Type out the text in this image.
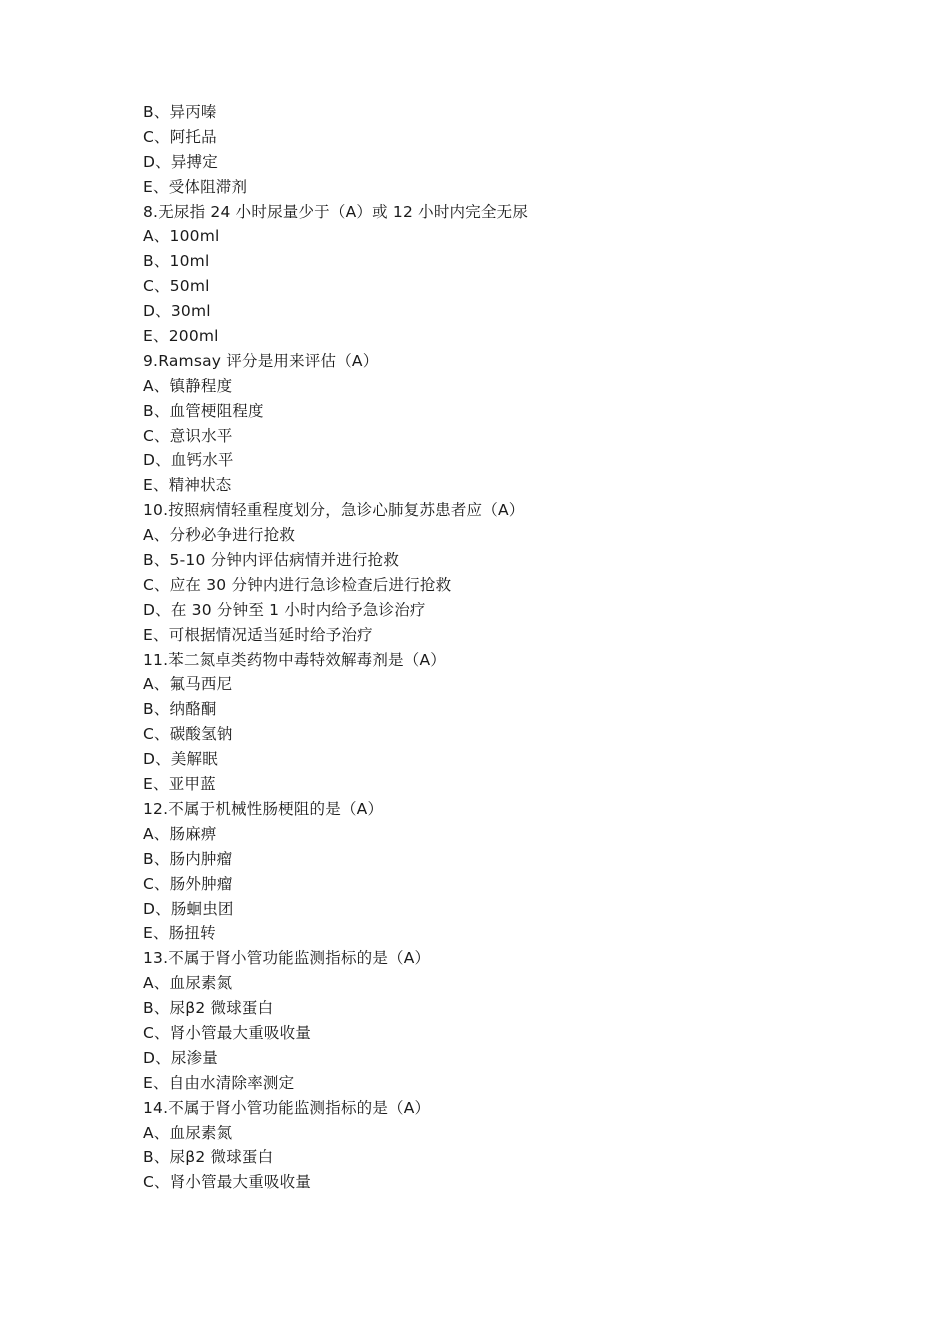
B、异丙嗪
C、阿托品
D、异搏定
E、受体阻滞剂
8.无尿指 24 小时尿量少于（A）或 12 小时内完全无尿
A、100ml
B、10ml
C、50ml
D、30ml
E、200ml
9.Ramsay 评分是用来评估（A）
A、镇静程度
B、血管梗阻程度
C、意识水平
D、血钙水平
E、精神状态
10.按照病情轻重程度划分，急诊心肺复苏患者应（A）
A、分秒必争进行抢救
B、5-10 分钟内评估病情并进行抢救
C、应在 30 分钟内进行急诊检查后进行抢救
D、在 30 分钟至 1 小时内给予急诊治疗
E、可根据情况适当延时给予治疗
11.苯二氮卓类药物中毒特效解毒剂是（A）
A、氟马西尼
B、纳酪酮
C、碳酸氢钠
D、美解眠
E、亚甲蓝
12.不属于机械性肠梗阻的是（A）
A、肠麻痹
B、肠内肿瘤
C、肠外肿瘤
D、肠蛔虫团
E、肠扭转
13.不属于肾小管功能监测指标的是（A）
A、血尿素氮
B、尿β2 微球蛋白
C、肾小管最大重吸收量
D、尿渗量
E、自由水清除率测定
14.不属于肾小管功能监测指标的是（A）
A、血尿素氮
B、尿β2 微球蛋白
C、肾小管最大重吸收量
